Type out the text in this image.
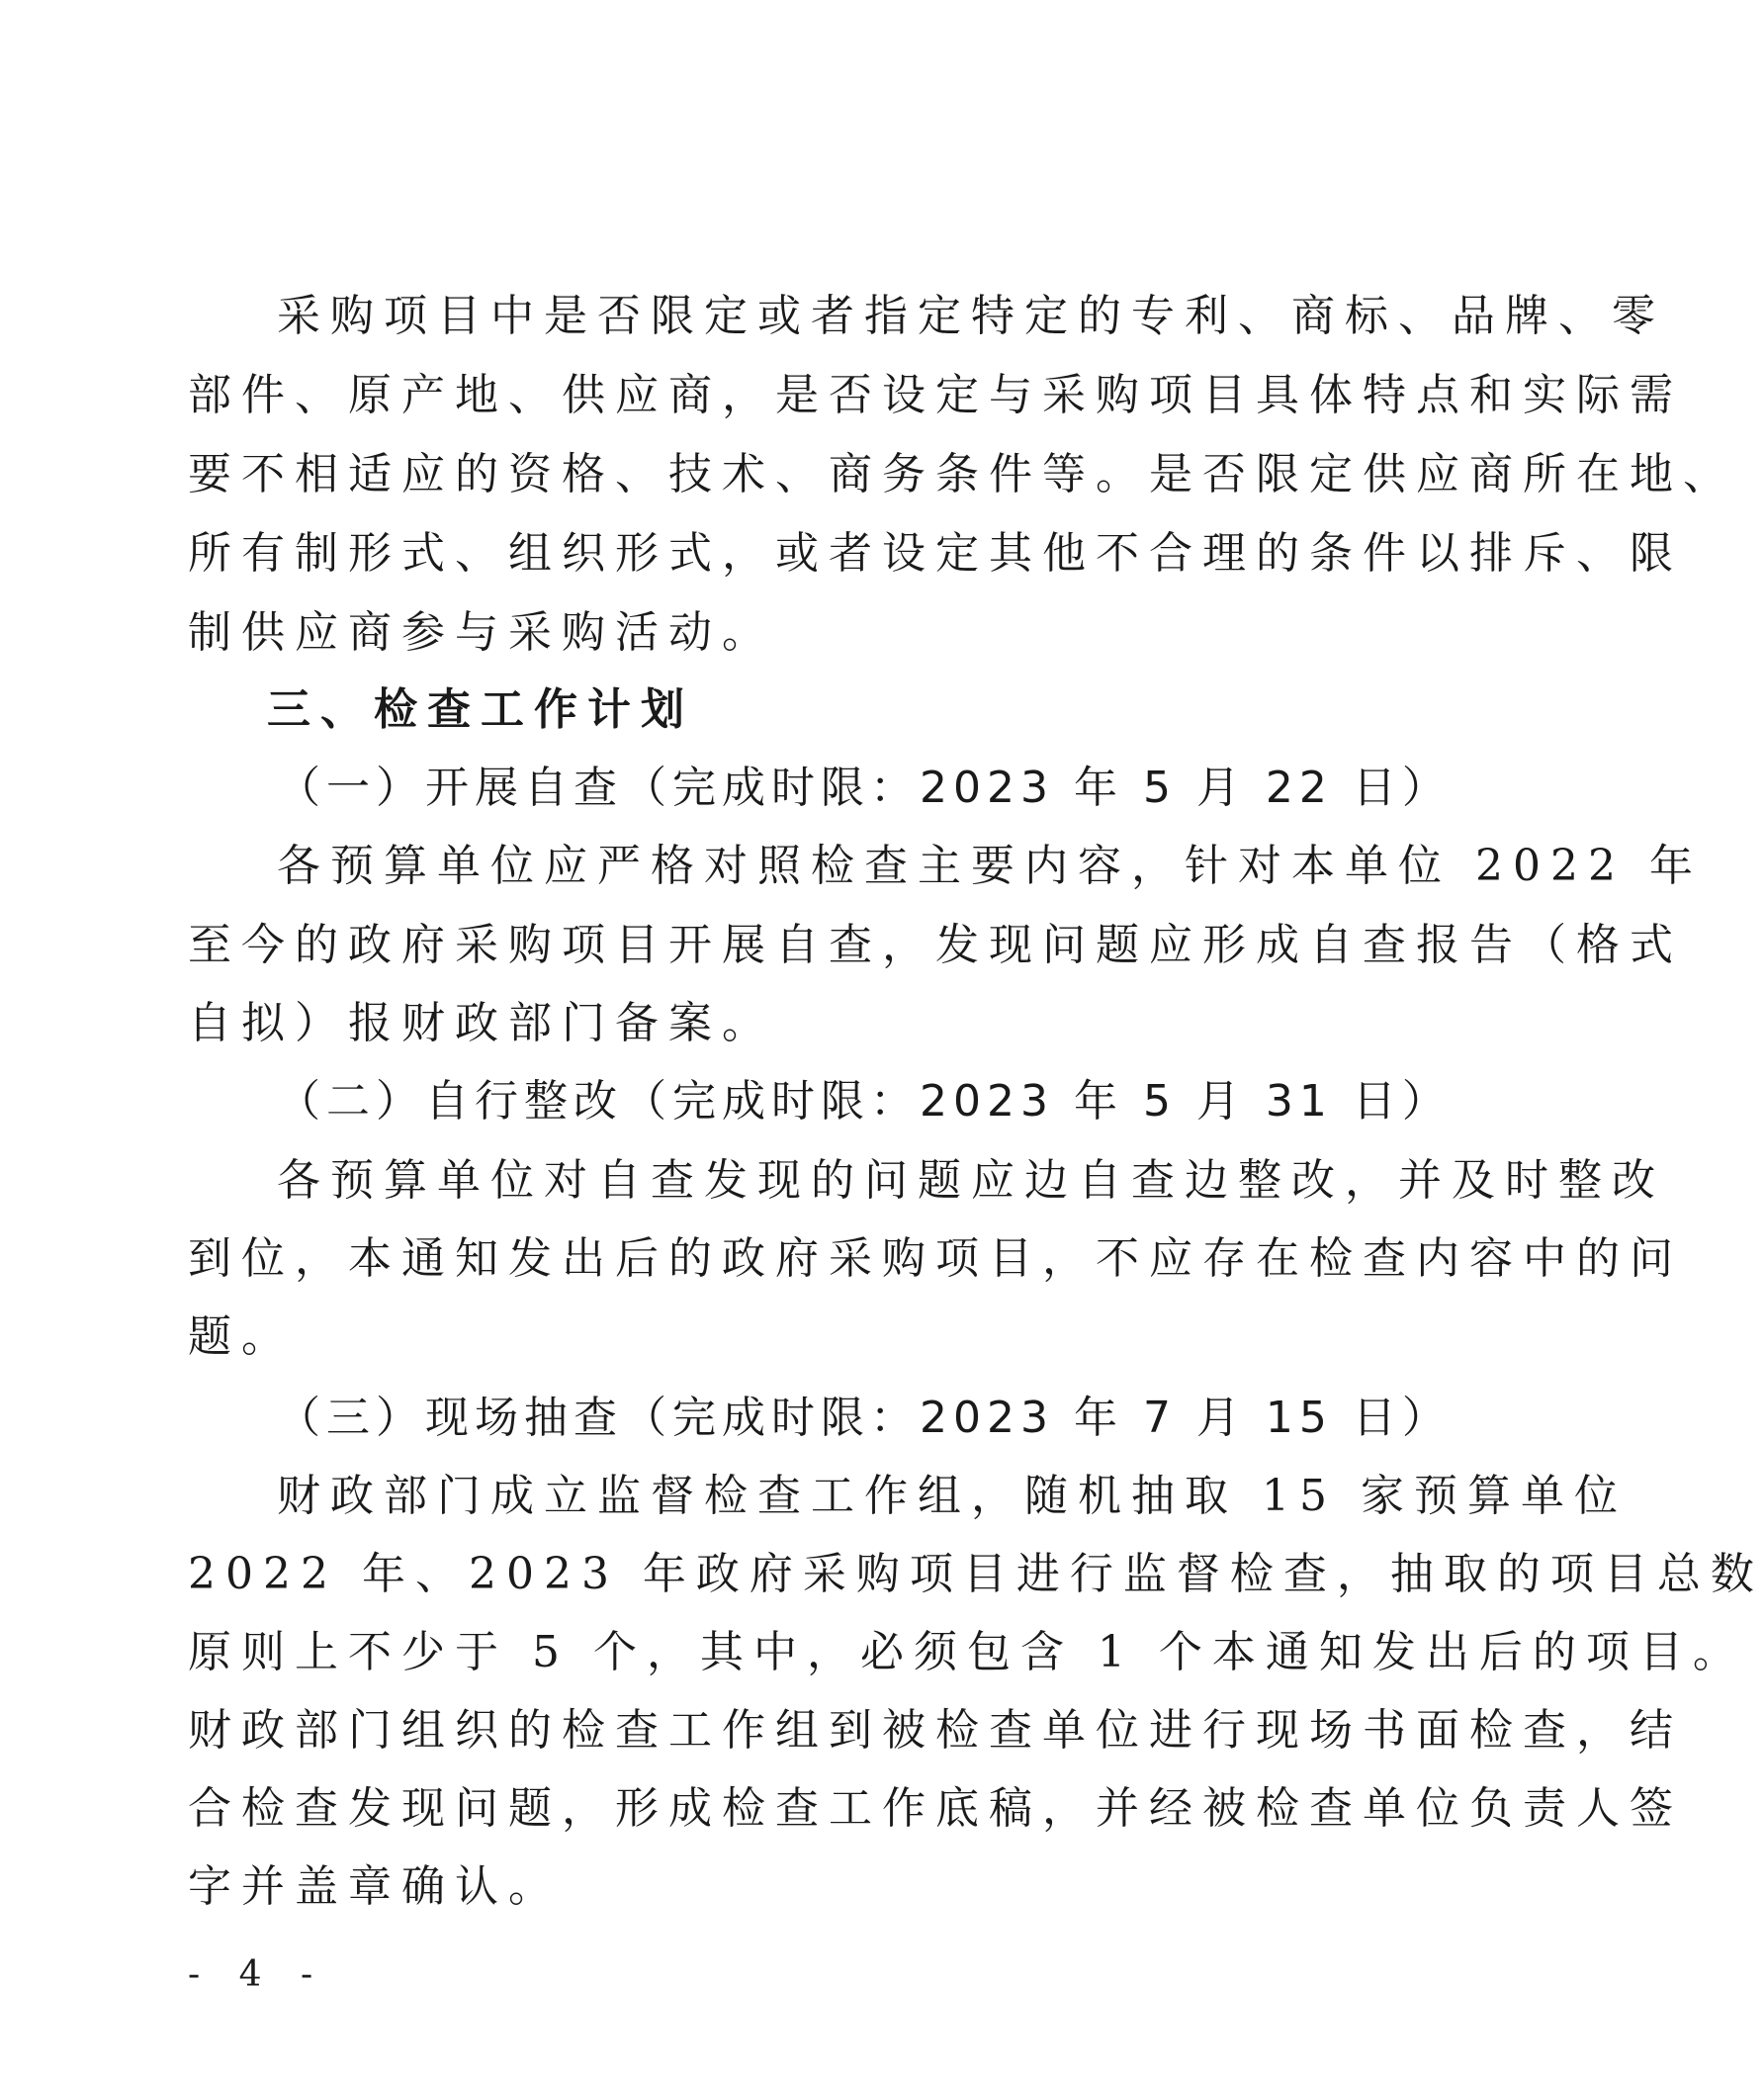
采购项目中是否限定或者指定特定的专利、商标、品牌、零
部件、原产地、供应商，是否设定与采购项目具体特点和实际需
要不相适应的资格、技术、商务条件等。是否限定供应商所在地、
所有制形式、组织形式，或者设定其他不合理的条件以排斥、限
制供应商参与采购活动。
三、检查工作计划
（一）开展自查（完成时限：2023 年 5 月 22 日）
各预算单位应严格对照检查主要内容，针对本单位 2022 年
至今的政府采购项目开展自查，发现问题应形成自查报告（格式
自拟）报财政部门备案。
（二）自行整改（完成时限：2023 年 5 月 31 日）
各预算单位对自查发现的问题应边自查边整改，并及时整改
到位，本通知发出后的政府采购项目，不应存在检查内容中的问
题。
（三）现场抽查（完成时限：2023 年 7 月 15 日）
财政部门成立监督检查工作组，随机抽取 15 家预算单位
2022 年、2023 年政府采购项目进行监督检查，抽取的项目总数
原则上不少于 5 个，其中，必须包含 1 个本通知发出后的项目。
财政部门组织的检查工作组到被检查单位进行现场书面检查，结
合检查发现问题，形成检查工作底稿，并经被检查单位负责人签
字并盖章确认。
- 4 -
